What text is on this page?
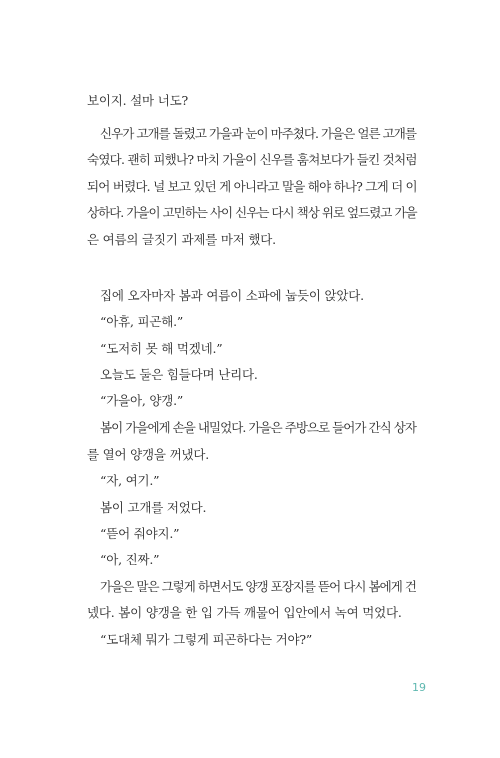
보이지. 설마 너도?
신우가 고개를 돌렸고 가을과 눈이 마주쳤다. 가을은 얼른 고개를
숙였다. 괜히 피했나? 마치 가을이 신우를 훔쳐보다가 들킨 것처럼
되어 버렸다. 널 보고 있던 게 아니라고 말을 해야 하나? 그게 더 이
상하다. 가을이 고민하는 사이 신우는 다시 책상 위로 엎드렸고 가을
은 여름의 글짓기 과제를 마저 했다.
집에 오자마자 봄과 여름이 소파에 눕듯이 앉았다.
“아휴, 피곤해.”
“도저히 못 해 먹겠네.”
오늘도 둘은 힘들다며 난리다.
“가을아, 양갱.”
봄이 가을에게 손을 내밀었다. 가을은 주방으로 들어가 간식 상자
를 열어 양갱을 꺼냈다.
“자, 여기.”
봄이 고개를 저었다.
“뜯어 줘야지.”
“아, 진짜.”
가을은 말은 그렇게 하면서도 양갱 포장지를 뜯어 다시 봄에게 건
넸다. 봄이 양갱을 한 입 가득 깨물어 입안에서 녹여 먹었다.
“도대체 뭐가 그렇게 피곤하다는 거야?”
19
